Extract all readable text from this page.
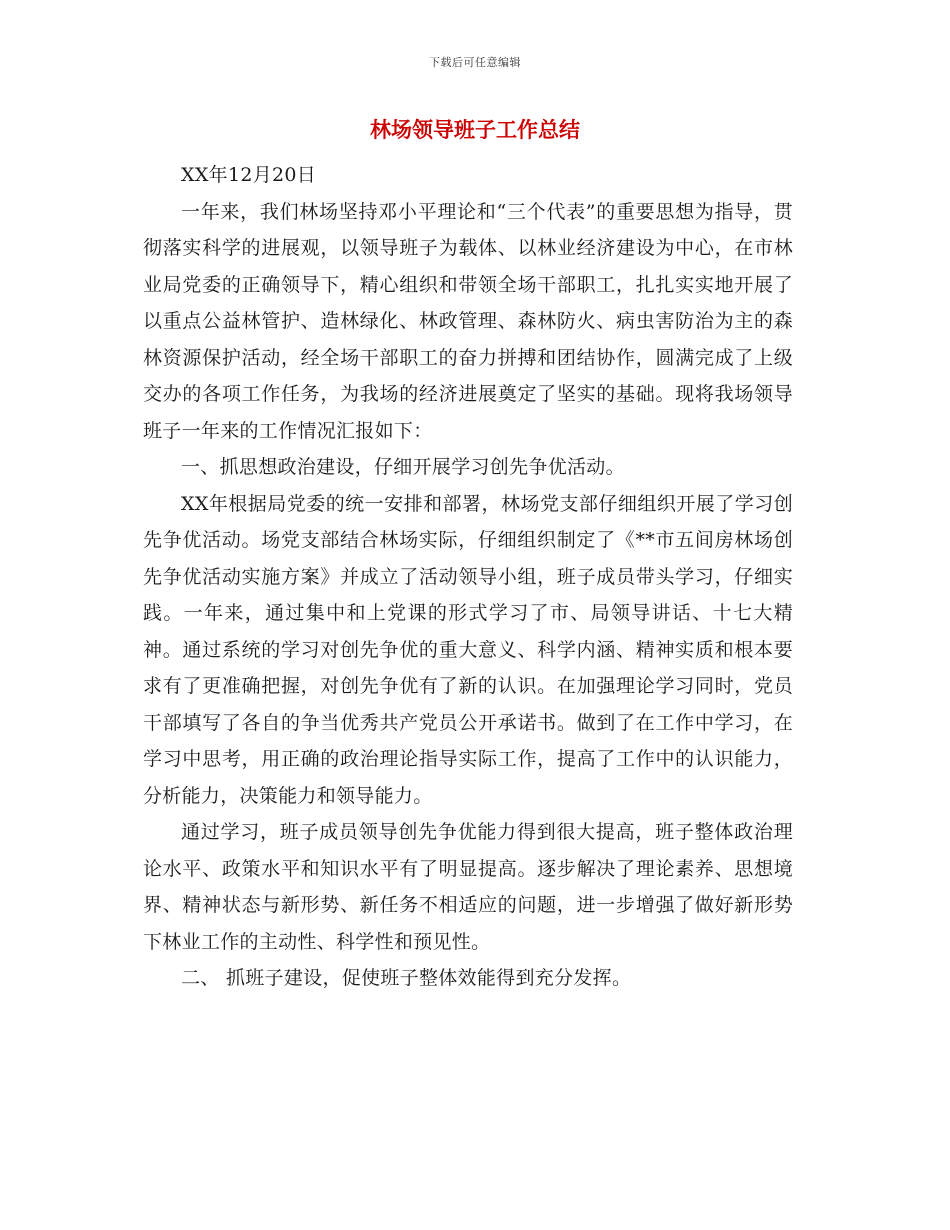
下载后可任意编辑
林场领导班子工作总结

XX年12月20日

一年来，我们林场坚持邓小平理论和“三个代表”的重要思想为指导，贯彻落实科学的进展观，以领导班子为载体、以林业经济建设为中心，在市林业局党委的正确领导下，精心组织和带领全场干部职工，扎扎实实地开展了以重点公益林管护、造林绿化、林政管理、森林防火、病虫害防治为主的森林资源保护活动，经全场干部职工的奋力拼搏和团结协作，圆满完成了上级交办的各项工作任务，为我场的经济进展奠定了坚实的基础。现将我场领导班子一年来的工作情况汇报如下：

一、抓思想政治建设，仔细开展学习创先争优活动。

XX年根据局党委的统一安排和部署，林场党支部仔细组织开展了学习创先争优活动。场党支部结合林场实际，仔细组织制定了《**市五间房林场创先争优活动实施方案》并成立了活动领导小组，班子成员带头学习，仔细实践。一年来，通过集中和上党课的形式学习了市、局领导讲话、十七大精神。通过系统的学习对创先争优的重大意义、科学内涵、精神实质和根本要求有了更准确把握，对创先争优有了新的认识。在加强理论学习同时，党员干部填写了各自的争当优秀共产党员公开承诺书。做到了在工作中学习，在学习中思考，用正确的政治理论指导实际工作，提高了工作中的认识能力，分析能力，决策能力和领导能力。

通过学习，班子成员领导创先争优能力得到很大提高，班子整体政治理论水平、政策水平和知识水平有了明显提高。逐步解决了理论素养、思想境界、精神状态与新形势、新任务不相适应的问题，进一步增强了做好新形势下林业工作的主动性、科学性和预见性。

二、 抓班子建设，促使班子整体效能得到充分发挥。
